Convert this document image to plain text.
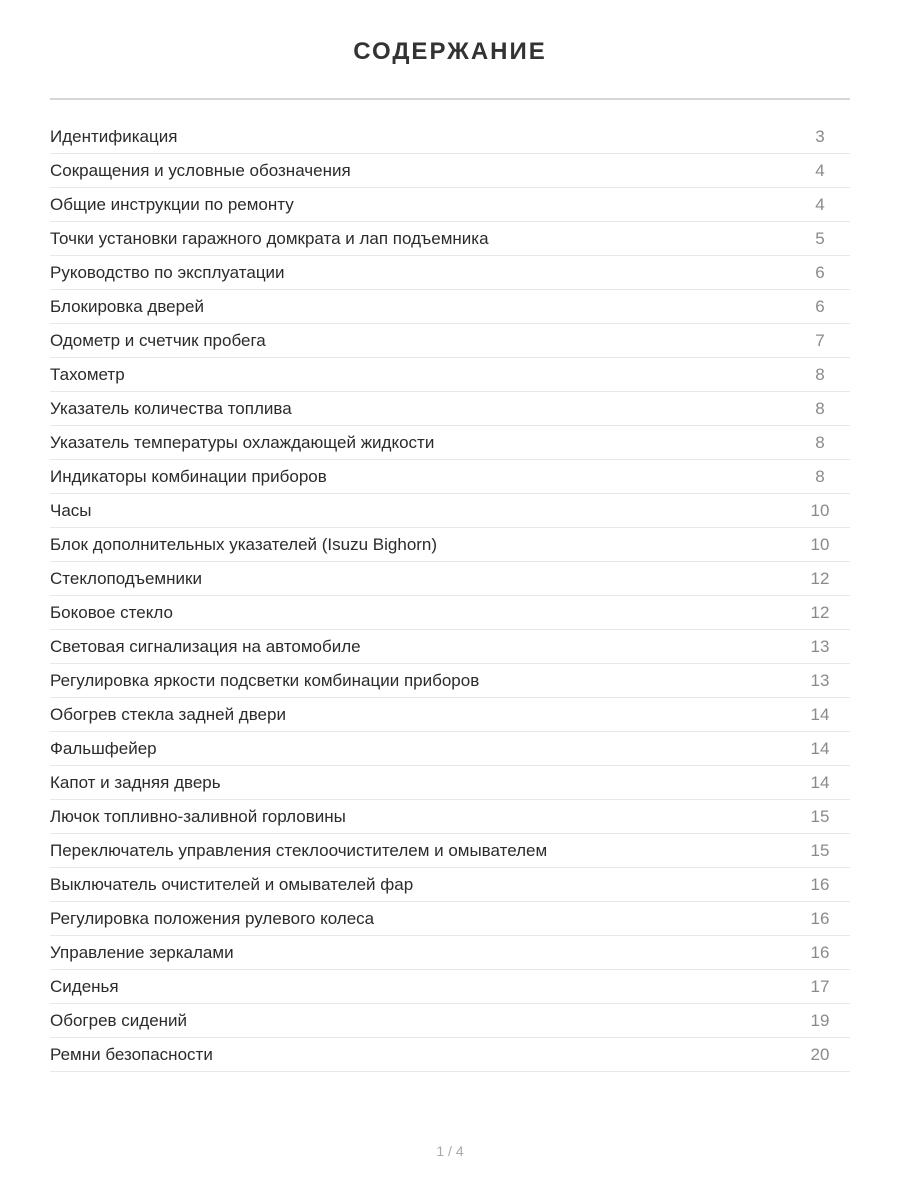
СОДЕРЖАНИЕ
Идентификация	3
Сокращения и условные обозначения	4
Общие инструкции по ремонту	4
Точки установки гаражного домкрата и лап подъемника	5
Руководство по эксплуатации	6
Блокировка дверей	6
Одометр и счетчик пробега	7
Тахометр	8
Указатель количества топлива	8
Указатель температуры охлаждающей жидкости	8
Индикаторы комбинации приборов	8
Часы	10
Блок дополнительных указателей (Isuzu Bighorn)	10
Стеклоподъемники	12
Боковое стекло	12
Световая сигнализация на автомобиле	13
Регулировка яркости подсветки комбинации приборов	13
Обогрев стекла задней двери	14
Фальшфейер	14
Капот и задняя дверь	14
Лючок топливно-заливной горловины	15
Переключатель управления стеклоочистителем и омывателем	15
Выключатель очистителей и омывателей фар	16
Регулировка положения рулевого колеса	16
Управление зеркалами	16
Сиденья	17
Обогрев сидений	19
Ремни безопасности	20
1 / 4
